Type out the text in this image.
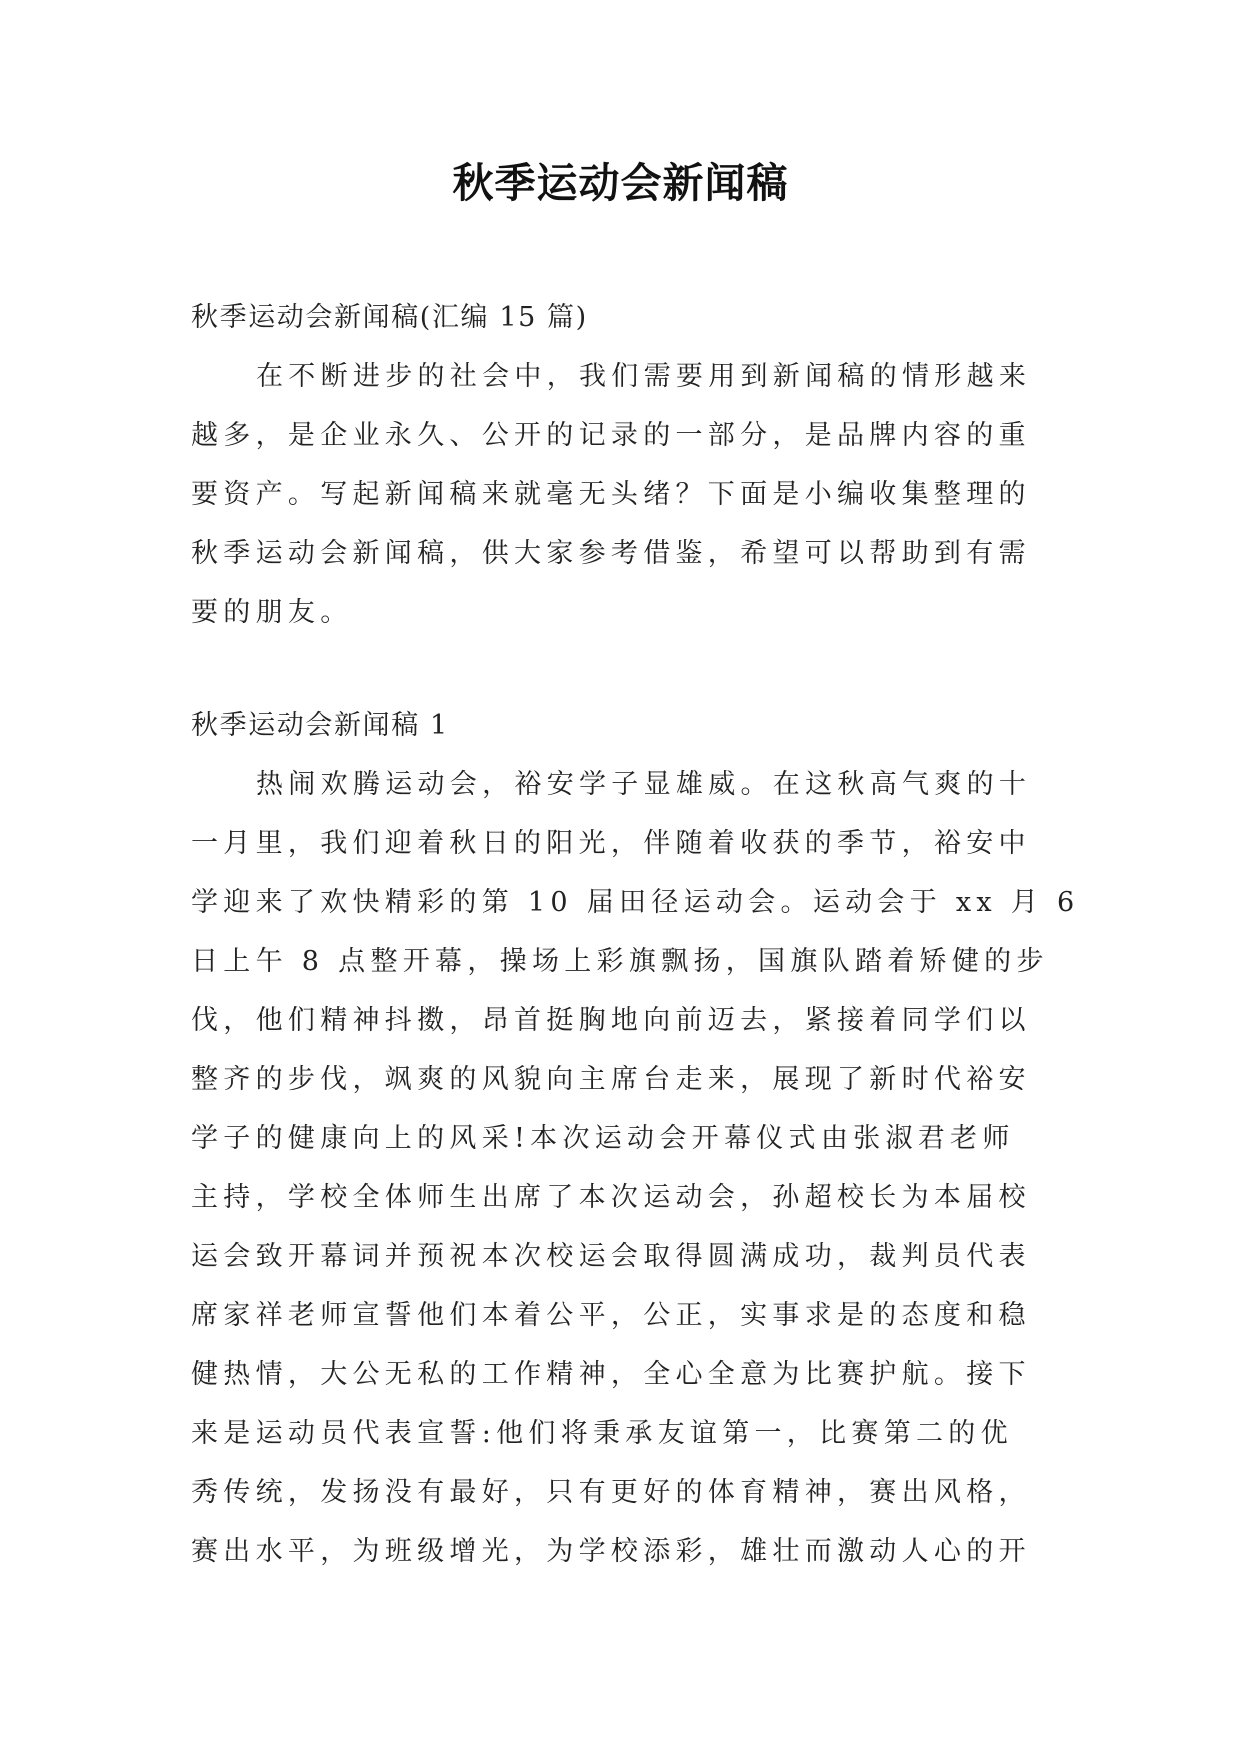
秋季运动会新闻稿
秋季运动会新闻稿(汇编 15 篇)
在不断进步的社会中，我们需要用到新闻稿的情形越来
越多，是企业永久、公开的记录的一部分，是品牌内容的重
要资产。写起新闻稿来就毫无头绪？下面是小编收集整理的
秋季运动会新闻稿，供大家参考借鉴，希望可以帮助到有需
要的朋友。
秋季运动会新闻稿 1
热闹欢腾运动会，裕安学子显雄威。在这秋高气爽的十
一月里，我们迎着秋日的阳光，伴随着收获的季节，裕安中
学迎来了欢快精彩的第 10 届田径运动会。运动会于 xx 月 6
日上午 8 点整开幕，操场上彩旗飘扬，国旗队踏着矫健的步
伐，他们精神抖擞，昂首挺胸地向前迈去，紧接着同学们以
整齐的步伐，飒爽的风貌向主席台走来，展现了新时代裕安
学子的健康向上的风采!本次运动会开幕仪式由张淑君老师
主持，学校全体师生出席了本次运动会，孙超校长为本届校
运会致开幕词并预祝本次校运会取得圆满成功，裁判员代表
席家祥老师宣誓他们本着公平，公正，实事求是的态度和稳
健热情，大公无私的工作精神，全心全意为比赛护航。接下
来是运动员代表宣誓:他们将秉承友谊第一，比赛第二的优
秀传统，发扬没有最好，只有更好的体育精神，赛出风格，
赛出水平，为班级增光，为学校添彩，雄壮而激动人心的开
